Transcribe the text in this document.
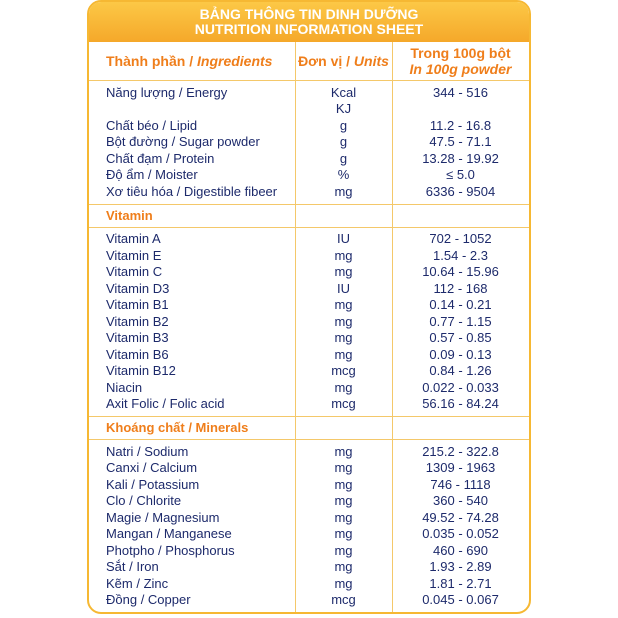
BẢNG THÔNG TIN DINH DƯỠNG
NUTRITION INFORMATION SHEET
Thành phần / Ingredients	Đơn vị / Units	Trong 100g bột
In 100g powder
Năng lượng / Energy	Kcal	344 - 516
KJ
Chất béo / Lipid	g	11.2 - 16.8
Bột đường / Sugar powder	g	47.5 - 71.1
Chất đạm / Protein	g	13.28 - 19.92
Độ ẩm / Moister	%	≤ 5.0
Xơ tiêu hóa / Digestible fibeer	mg	6336 - 9504
Vitamin
Vitamin A	IU	702 - 1052
Vitamin E	mg	1.54 - 2.3
Vitamin C	mg	10.64 - 15.96
Vitamin D3	IU	112 - 168
Vitamin B1	mg	0.14 - 0.21
Vitamin B2	mg	0.77 - 1.15
Vitamin B3	mg	0.57 - 0.85
Vitamin B6	mg	0.09 - 0.13
Vitamin B12	mcg	0.84 - 1.26
Niacin	mg	0.022 - 0.033
Axit Folic / Folic acid	mcg	56.16 - 84.24
Khoáng chất / Minerals
Natri / Sodium	mg	215.2 - 322.8
Canxi / Calcium	mg	1309 - 1963
Kali / Potassium	mg	746 - 1118
Clo / Chlorite	mg	360 - 540
Magie / Magnesium	mg	49.52 - 74.28
Mangan / Manganese	mg	0.035 - 0.052
Photpho / Phosphorus	mg	460 - 690
Sắt / Iron	mg	1.93 - 2.89
Kẽm / Zinc	mg	1.81 - 2.71
Đồng / Copper	mcg	0.045 - 0.067
